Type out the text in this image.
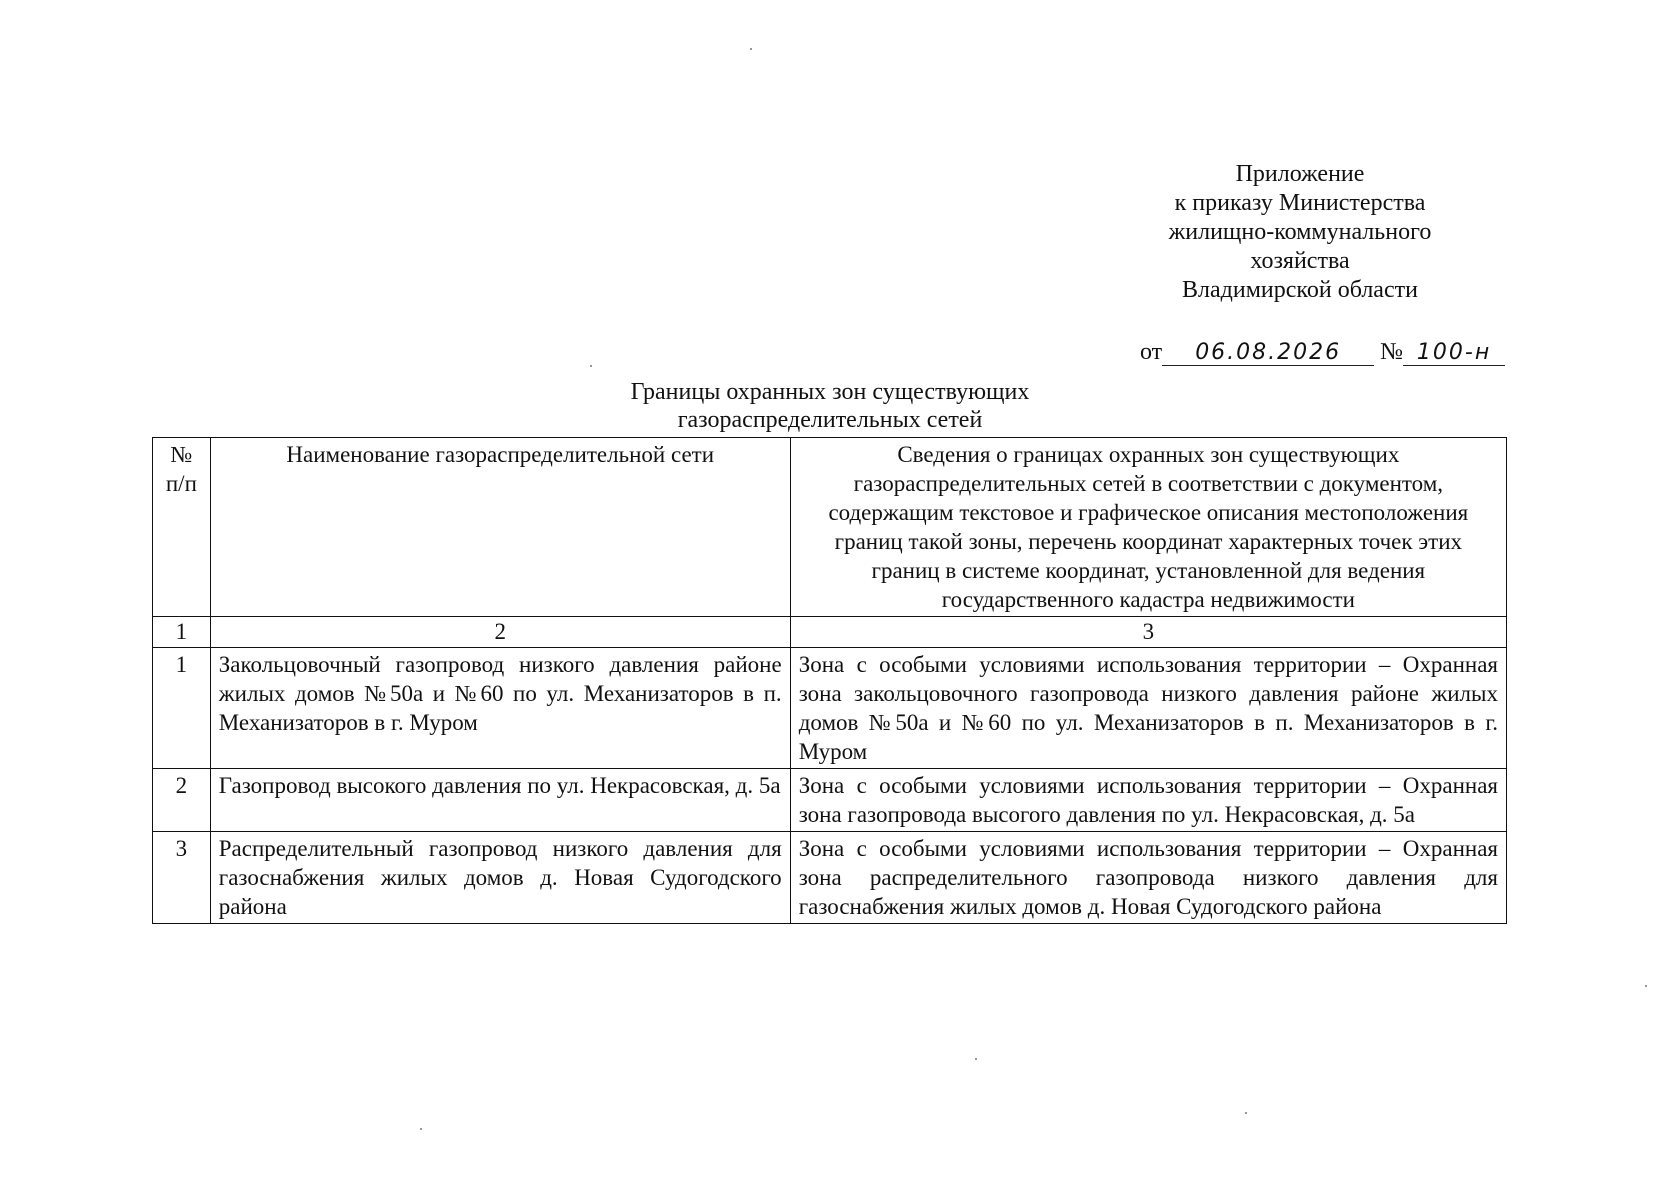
Приложение
к приказу Министерства
жилищно-коммунального
хозяйства
Владимирской области
от 06.08.2026 № 100-н
Границы охранных зон существующих
газораспределительных сетей
№ п/п	Наименование газораспределительной сети	Сведения о границах охранных зон существующих газораспределительных сетей в соответствии с документом, содержащим текстовое и графическое описания местоположения границ такой зоны, перечень координат характерных точек этих границ в системе координат, установленной для ведения государственного кадастра недвижимости
1	2	3
1	Закольцовочный газопровод низкого давления районе жилых домов №50а и №60 по ул. Механизаторов в п. Механизаторов в г. Муром	Зона с особыми условиями использования территории – Охранная зона закольцовочного газопровода низкого давления районе жилых домов №50а и №60 по ул. Механизаторов в п. Механизаторов в г. Муром
2	Газопровод высокого давления по ул. Некрасовская, д. 5а	Зона с особыми условиями использования территории – Охранная зона газопровода высогого давления по ул. Некрасовская, д. 5а
3	Распределительный газопровод низкого давления для газоснабжения жилых домов д. Новая Судогодского района	Зона с особыми условиями использования территории – Охранная зона распределительного газопровода низкого давления для газоснабжения жилых домов д. Новая Судогодского района
